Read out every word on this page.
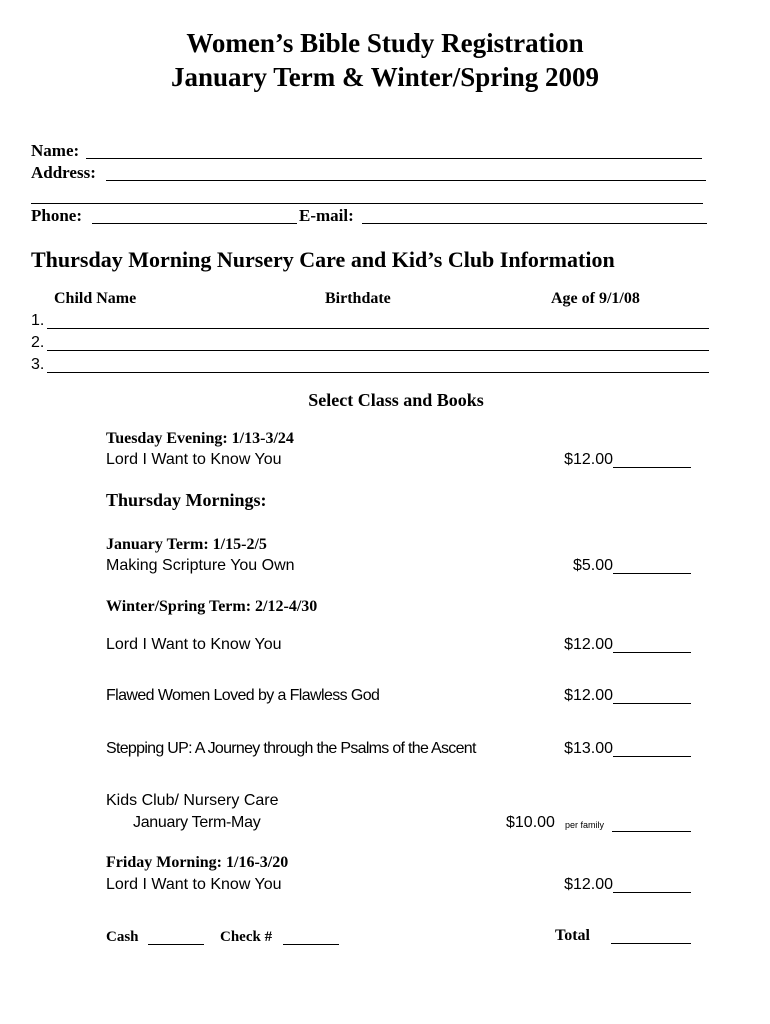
Women’s Bible Study Registration
January Term & Winter/Spring 2009
Name:
Address:
Phone:	E-mail:
Thursday Morning Nursery Care and Kid’s Club Information
Child Name	Birthdate	Age of 9/1/08
1.
2.
3.
Select Class and Books
Tuesday Evening: 1/13-3/24
Lord I Want to Know You	$12.00
Thursday Mornings:
January Term: 1/15-2/5
Making Scripture You Own	$5.00
Winter/Spring Term: 2/12-4/30
Lord I Want to Know You	$12.00
Flawed Women Loved by a Flawless God	$12.00
Stepping UP: A Journey through the Psalms of the Ascent	$13.00
Kids Club/ Nursery Care
January Term-May	$10.00 per family
Friday Morning: 1/16-3/20
Lord I Want to Know You	$12.00
Cash	Check #	Total
